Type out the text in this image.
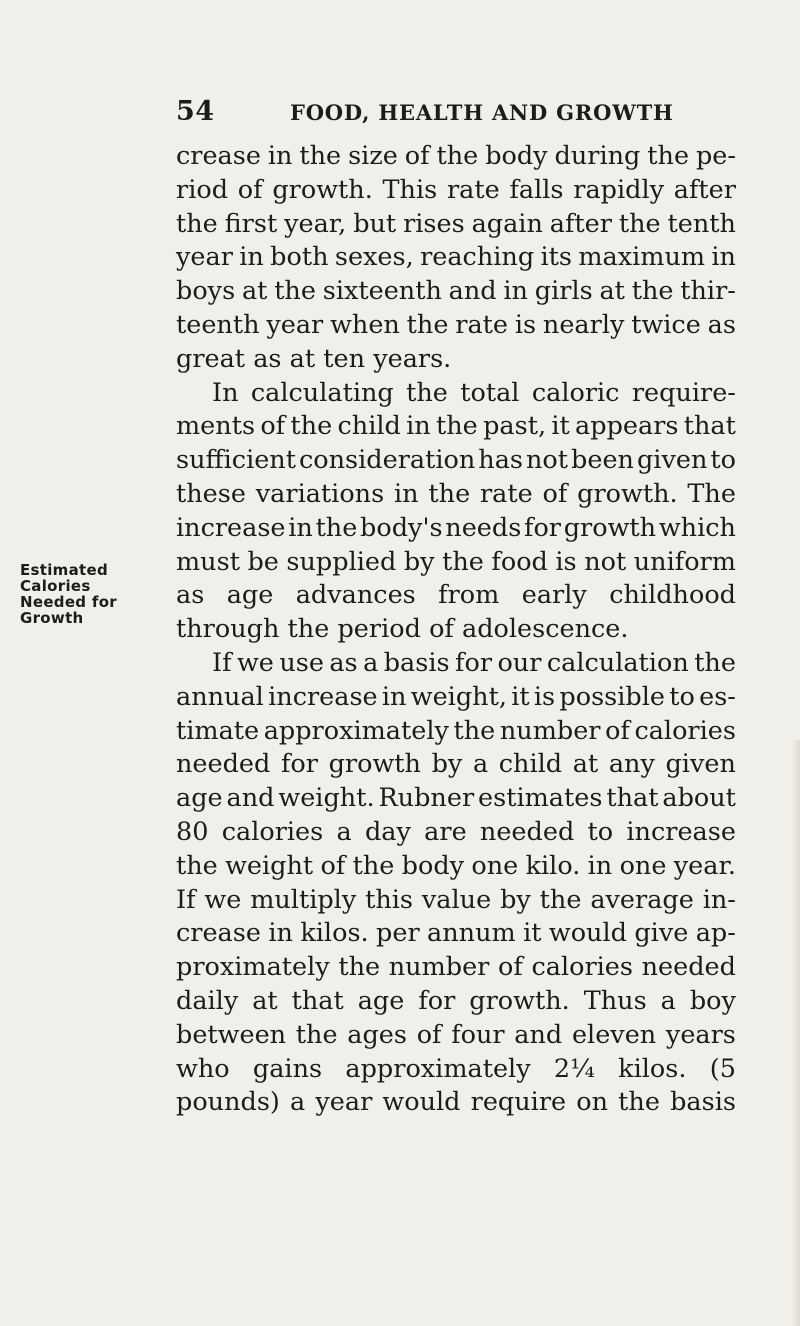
54	FOOD, HEALTH AND GROWTH
Estimated
Calories
Needed for
Growth
crease in the size of the body during the pe-
riod of growth. This rate falls rapidly after
the first year, but rises again after the tenth
year in both sexes, reaching its maximum in
boys at the sixteenth and in girls at the thir-
teenth year when the rate is nearly twice as
great as at ten years.
In calculating the total caloric require-
ments of the child in the past, it appears that
sufficient consideration has not been given to
these variations in the rate of growth. The
increase in the body's needs for growth which
must be supplied by the food is not uniform
as age advances from early childhood
through the period of adolescence.
If we use as a basis for our calculation the
annual increase in weight, it is possible to es-
timate approximately the number of calories
needed for growth by a child at any given
age and weight. Rubner estimates that about
80 calories a day are needed to increase
the weight of the body one kilo. in one year.
If we multiply this value by the average in-
crease in kilos. per annum it would give ap-
proximately the number of calories needed
daily at that age for growth. Thus a boy
between the ages of four and eleven years
who gains approximately 2¼ kilos. (5
pounds) a year would require on the basis
